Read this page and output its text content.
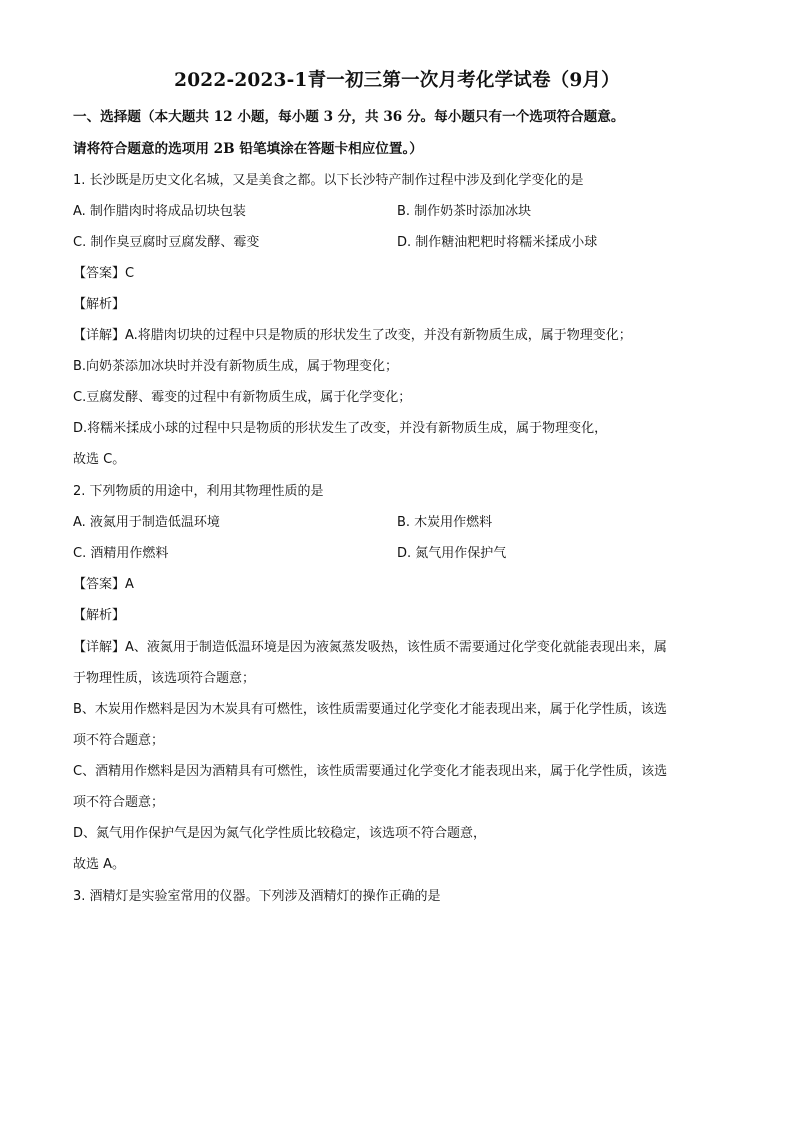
2022-2023-1青一初三第一次月考化学试卷（9月）
一、选择题（本大题共 12 小题，每小题 3 分，共 36 分。每小题只有一个选项符合题意。
请将符合题意的选项用 2B 铅笔填涂在答题卡相应位置。）
1. 长沙既是历史文化名城，又是美食之都。以下长沙特产制作过程中涉及到化学变化的是
A. 制作腊肉时将成品切块包装	B. 制作奶茶时添加冰块
C. 制作臭豆腐时豆腐发酵、霉变	D. 制作糖油粑粑时将糯米揉成小球
【答案】C
【解析】
【详解】A.将腊肉切块的过程中只是物质的形状发生了改变，并没有新物质生成，属于物理变化；
B.向奶茶添加冰块时并没有新物质生成，属于物理变化；
C.豆腐发酵、霉变的过程中有新物质生成，属于化学变化；
D.将糯米揉成小球的过程中只是物质的形状发生了改变，并没有新物质生成，属于物理变化，
故选 C。
2. 下列物质的用途中，利用其物理性质的是
A. 液氮用于制造低温环境	B. 木炭用作燃料
C. 酒精用作燃料	D. 氮气用作保护气
【答案】A
【解析】
【详解】A、液氮用于制造低温环境是因为液氮蒸发吸热，该性质不需要通过化学变化就能表现出来，属
于物理性质，该选项符合题意；
B、木炭用作燃料是因为木炭具有可燃性，该性质需要通过化学变化才能表现出来，属于化学性质，该选
项不符合题意；
C、酒精用作燃料是因为酒精具有可燃性，该性质需要通过化学变化才能表现出来，属于化学性质，该选
项不符合题意；
D、氮气用作保护气是因为氮气化学性质比较稳定，该选项不符合题意，
故选 A。
3. 酒精灯是实验室常用的仪器。下列涉及酒精灯的操作正确的是
